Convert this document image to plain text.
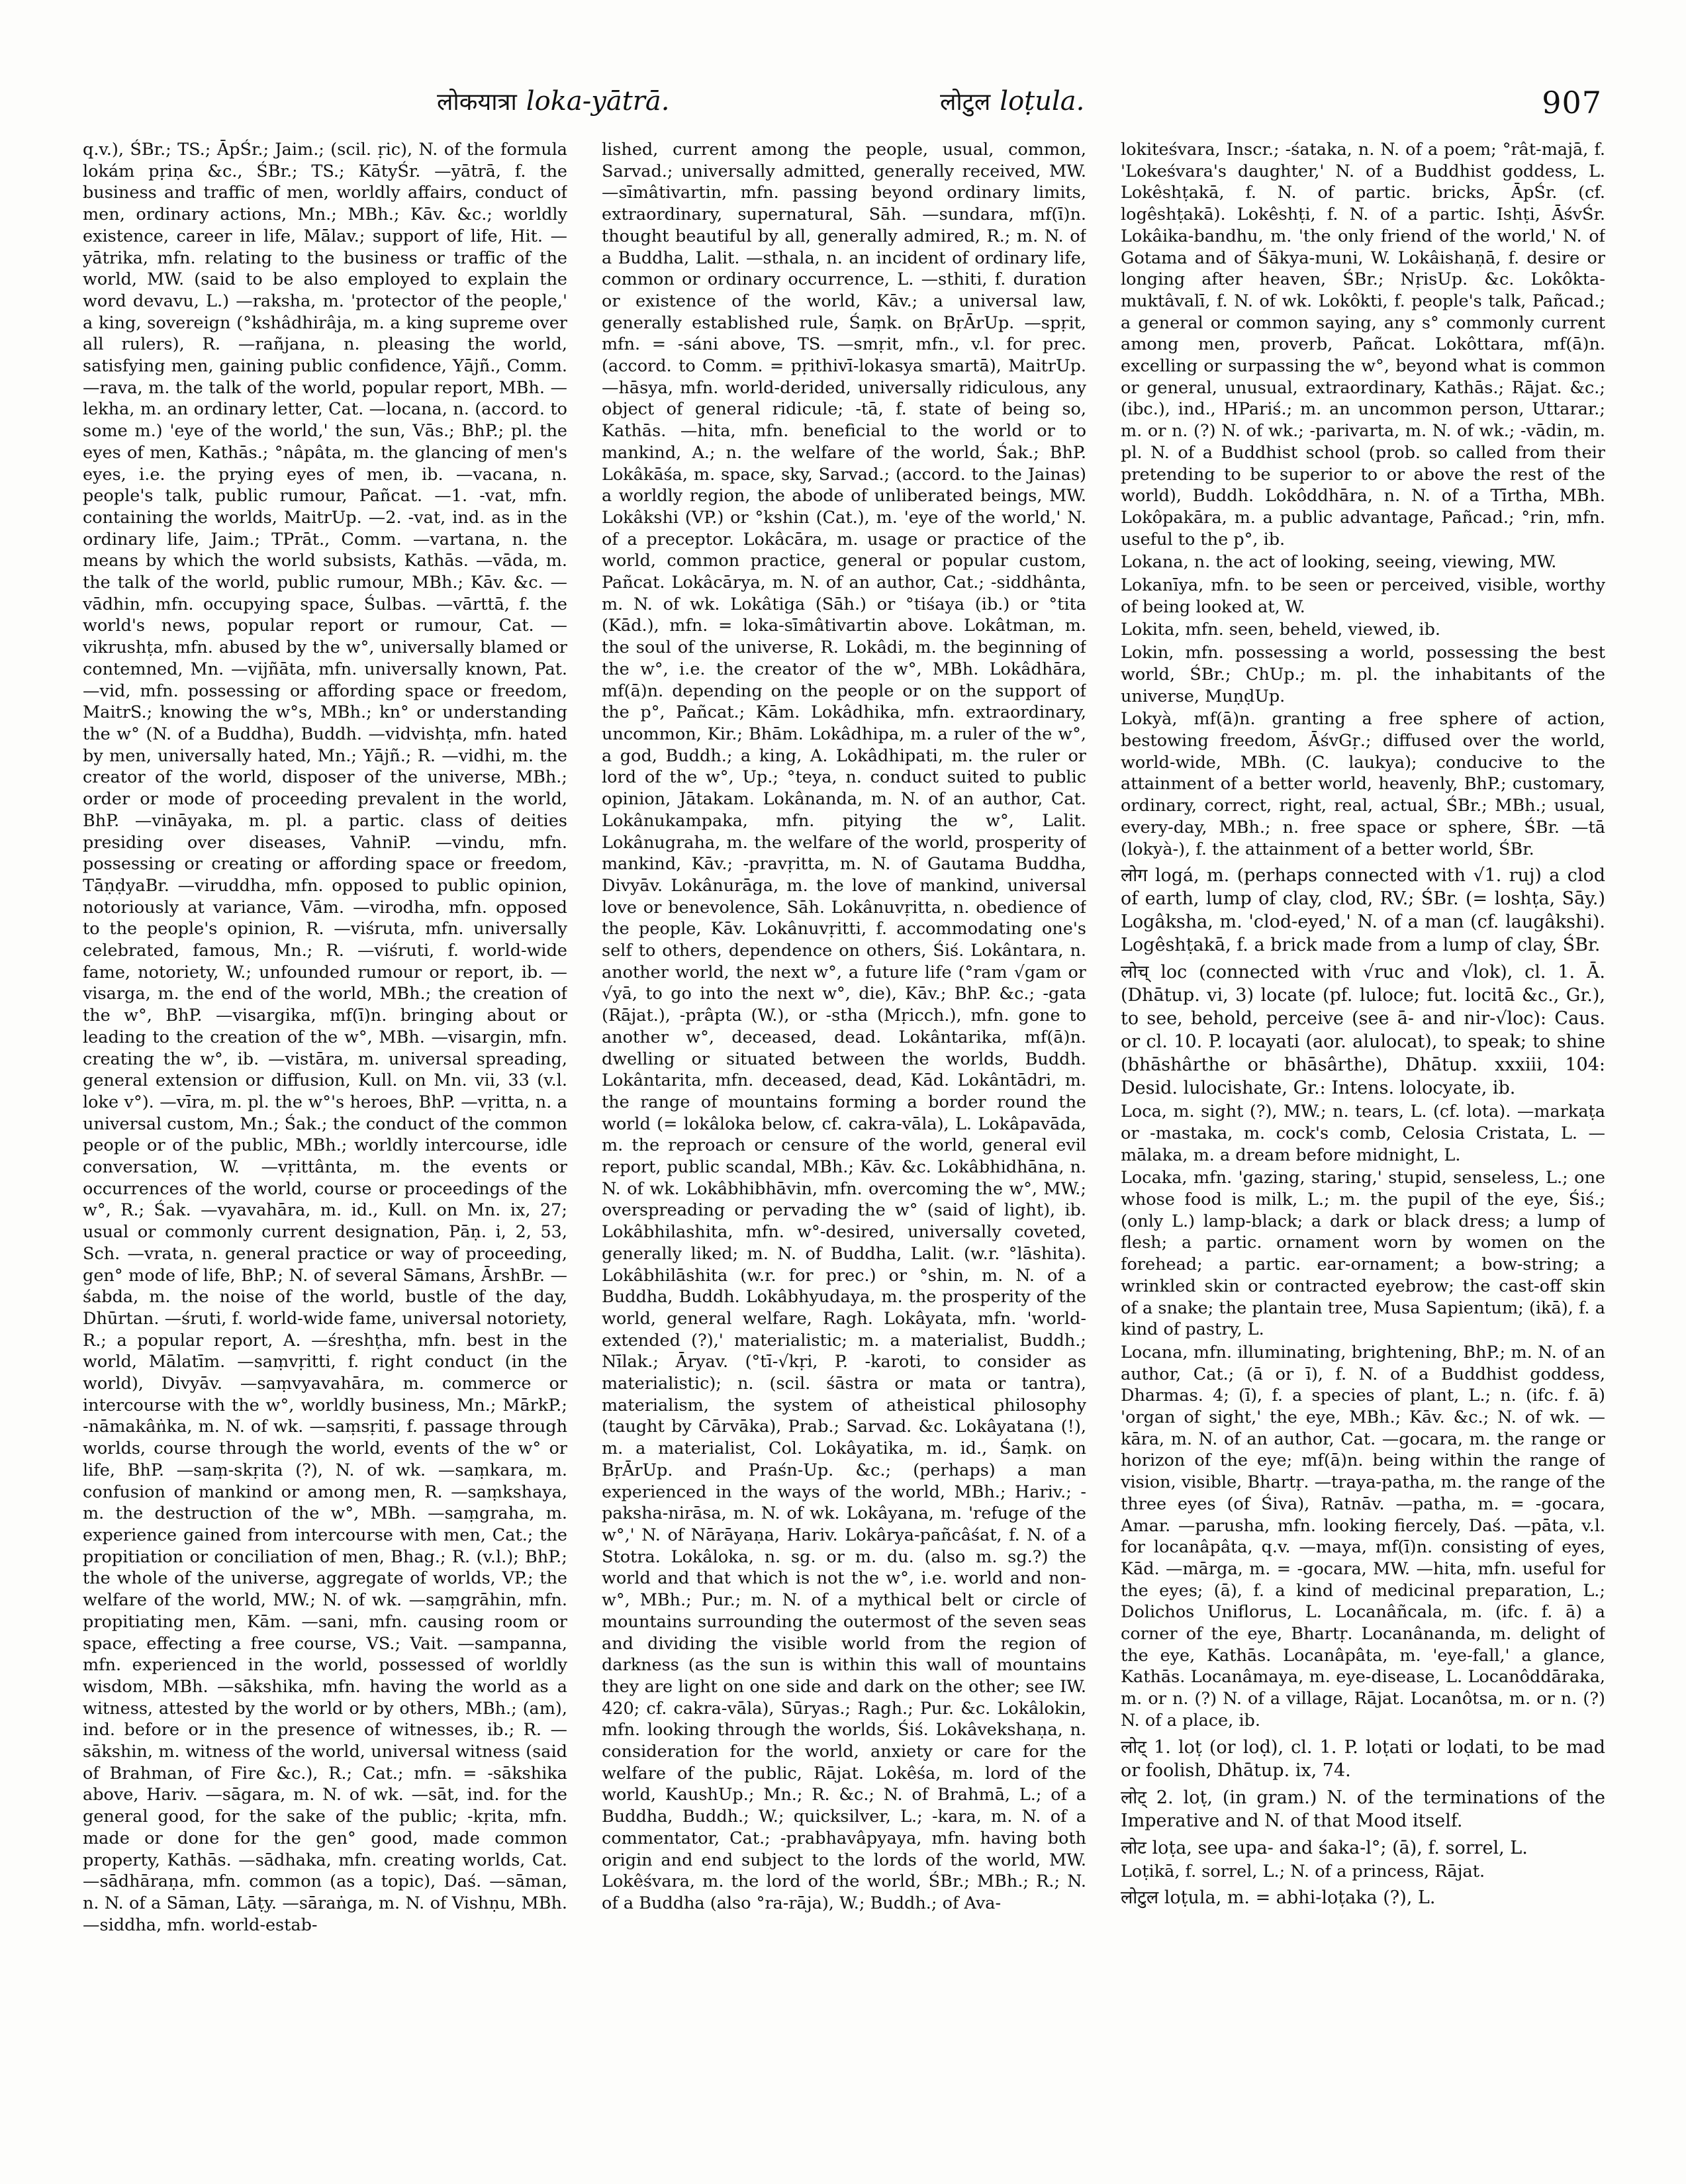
लोकयात्रा loka-yātrā.	लोटुल loṭula.	907

q.v.), ŚBr.; TS.; ĀpŚr.; Jaim.; (scil. ṛic), N. of the formula lokám pṛiṇa &c., ŚBr.; TS.; KātyŚr. —yātrā, f. the business and traffic of men, worldly affairs, conduct of men, ordinary actions, Mn.; MBh.; Kāv. &c.; worldly existence, career in life, Mālav.; support of life, Hit. —yātrika, mfn. relating to the business or traffic of the world, MW. (said to be also employed to explain the word devavu, L.) —raksha, m. 'protector of the people,' a king, sovereign (°kshâdhirâja, m. a king supreme over all rulers), R. —rañjana, n. pleasing the world, satisfying men, gaining public confidence, Yājñ., Comm. —rava, m. the talk of the world, popular report, MBh. —lekha, m. an ordinary letter, Cat. —locana, n. (accord. to some m.) 'eye of the world,' the sun, Vās.; BhP.; pl. the eyes of men, Kathās.; °nâpâta, m. the glancing of men's eyes, i.e. the prying eyes of men, ib. —vacana, n. people's talk, public rumour, Pañcat. —1. -vat, mfn. containing the worlds, MaitrUp. —2. -vat, ind. as in the ordinary life, Jaim.; TPrāt., Comm. —vartana, n. the means by which the world subsists, Kathās. —vāda, m. the talk of the world, public rumour, MBh.; Kāv. &c. —vādhin, mfn. occupying space, Śulbas. —vārttā, f. the world's news, popular report or rumour, Cat. —vikrushṭa, mfn. abused by the w°, universally blamed or contemned, Mn. —vijñāta, mfn. universally known, Pat. —vid, mfn. possessing or affording space or freedom, MaitrS.; knowing the w°s, MBh.; kn° or understanding the w° (N. of a Buddha), Buddh. —vidvishṭa, mfn. hated by men, universally hated, Mn.; Yājñ.; R. —vidhi, m. the creator of the world, disposer of the universe, MBh.; order or mode of proceeding prevalent in the world, BhP. —vināyaka, m. pl. a partic. class of deities presiding over diseases, VahniP. —vindu, mfn. possessing or creating or affording space or freedom, TāṇḍyaBr. —viruddha, mfn. opposed to public opinion, notoriously at variance, Vām. —virodha, mfn. opposed to the people's opinion, R. —viśruta, mfn. universally celebrated, famous, Mn.; R. —viśruti, f. world-wide fame, notoriety, W.; unfounded rumour or report, ib. —visarga, m. the end of the world, MBh.; the creation of the w°, BhP. —visargika, mf(ī)n. bringing about or leading to the creation of the w°, MBh. —visargin, mfn. creating the w°, ib. —vistāra, m. universal spreading, general extension or diffusion, Kull. on Mn. vii, 33 (v.l. loke v°). —vīra, m. pl. the w°'s heroes, BhP. —vṛitta, n. a universal custom, Mn.; Śak.; the conduct of the common people or of the public, MBh.; worldly intercourse, idle conversation, W. —vṛittânta, m. the events or occurrences of the world, course or proceedings of the w°, R.; Śak. —vyavahāra, m. id., Kull. on Mn. ix, 27; usual or commonly current designation, Pāṇ. i, 2, 53, Sch. —vrata, n. general practice or way of proceeding, gen° mode of life, BhP.; N. of several Sāmans, ĀrshBr. —śabda, m. the noise of the world, bustle of the day, Dhūrtan. —śruti, f. world-wide fame, universal notoriety, R.; a popular report, A. —śreshṭha, mfn. best in the world, Mālatīm. —saṃvṛitti, f. right conduct (in the world), Divyāv. —saṃvyavahāra, m. commerce or intercourse with the w°, worldly business, Mn.; MārkP.; -nāmakâṅka, m. N. of wk. —saṃsṛiti, f. passage through worlds, course through the world, events of the w° or life, BhP. —saṃ-skṛita (?), N. of wk. —saṃkara, m. confusion of mankind or among men, R. —saṃkshaya, m. the destruction of the w°, MBh. —saṃgraha, m. experience gained from intercourse with men, Cat.; the propitiation or conciliation of men, Bhag.; R. (v.l.); BhP.; the whole of the universe, aggregate of worlds, VP.; the welfare of the world, MW.; N. of wk. —saṃgrāhin, mfn. propitiating men, Kām. —sani, mfn. causing room or space, effecting a free course, VS.; Vait. —sampanna, mfn. experienced in the world, possessed of worldly wisdom, MBh. —sākshika, mfn. having the world as a witness, attested by the world or by others, MBh.; (am), ind. before or in the presence of witnesses, ib.; R. —sākshin, m. witness of the world, universal witness (said of Brahman, of Fire &c.), R.; Cat.; mfn. = -sākshika above, Hariv. —sāgara, m. N. of wk. —sāt, ind. for the general good, for the sake of the public; -kṛita, mfn. made or done for the gen° good, made common property, Kathās. —sādhaka, mfn. creating worlds, Cat. —sādhāraṇa, mfn. common (as a topic), Daś. —sāman, n. N. of a Sāman, Lāṭy. —sāraṅga, m. N. of Vishṇu, MBh. —siddha, mfn. world-estab-

lished, current among the people, usual, common, Sarvad.; universally admitted, generally received, MW. —sīmâtivartin, mfn. passing beyond ordinary limits, extraordinary, supernatural, Sāh. —sundara, mf(ī)n. thought beautiful by all, generally admired, R.; m. N. of a Buddha, Lalit. —sthala, n. an incident of ordinary life, common or ordinary occurrence, L. —sthiti, f. duration or existence of the world, Kāv.; a universal law, generally established rule, Śaṃk. on BṛĀrUp. —spṛit, mfn. = -sáni above, TS. —smṛit, mfn., v.l. for prec. (accord. to Comm. = pṛithivī-lokasya smartā), MaitrUp. —hāsya, mfn. world-derided, universally ridiculous, any object of general ridicule; -tā, f. state of being so, Kathās. —hita, mfn. beneficial to the world or to mankind, A.; n. the welfare of the world, Śak.; BhP. Lokâkāśa, m. space, sky, Sarvad.; (accord. to the Jainas) a worldly region, the abode of unliberated beings, MW. Lokâkshi (VP.) or °kshin (Cat.), m. 'eye of the world,' N. of a preceptor. Lokâcāra, m. usage or practice of the world, common practice, general or popular custom, Pañcat. Lokâcārya, m. N. of an author, Cat.; -siddhânta, m. N. of wk. Lokâtiga (Sāh.) or °tiśaya (ib.) or °tita (Kād.), mfn. = loka-sīmâtivartin above. Lokâtman, m. the soul of the universe, R. Lokâdi, m. the beginning of the w°, i.e. the creator of the w°, MBh. Lokâdhāra, mf(ā)n. depending on the people or on the support of the p°, Pañcat.; Kām. Lokâdhika, mfn. extraordinary, uncommon, Kir.; Bhām. Lokâdhipa, m. a ruler of the w°, a god, Buddh.; a king, A. Lokâdhipati, m. the ruler or lord of the w°, Up.; °teya, n. conduct suited to public opinion, Jātakam. Lokânanda, m. N. of an author, Cat. Lokânukampaka, mfn. pitying the w°, Lalit. Lokânugraha, m. the welfare of the world, prosperity of mankind, Kāv.; -pravṛitta, m. N. of Gautama Buddha, Divyāv. Lokânurāga, m. the love of mankind, universal love or benevolence, Sāh. Lokânuvṛitta, n. obedience of the people, Kāv. Lokânuvṛitti, f. accommodating one's self to others, dependence on others, Śiś. Lokântara, n. another world, the next w°, a future life (°ram √gam or √yā, to go into the next w°, die), Kāv.; BhP. &c.; -gata (Rājat.), -prâpta (W.), or -stha (Mṛicch.), mfn. gone to another w°, deceased, dead. Lokântarika, mf(ā)n. dwelling or situated between the worlds, Buddh. Lokântarita, mfn. deceased, dead, Kād. Lokântādri, m. the range of mountains forming a border round the world (= lokâloka below, cf. cakra-vāla), L. Lokâpavāda, m. the reproach or censure of the world, general evil report, public scandal, MBh.; Kāv. &c. Lokâbhidhāna, n. N. of wk. Lokâbhibhāvin, mfn. overcoming the w°, MW.; overspreading or pervading the w° (said of light), ib. Lokâbhilashita, mfn. w°-desired, universally coveted, generally liked; m. N. of Buddha, Lalit. (w.r. °lāshita). Lokâbhilāshita (w.r. for prec.) or °shin, m. N. of a Buddha, Buddh. Lokâbhyudaya, m. the prosperity of the world, general welfare, Ragh. Lokâyata, mfn. 'world-extended (?),' materialistic; m. a materialist, Buddh.; Nīlak.; Āryav. (°tī-√kṛi, P. -karoti, to consider as materialistic); n. (scil. śāstra or mata or tantra), materialism, the system of atheistical philosophy (taught by Cārvāka), Prab.; Sarvad. &c. Lokâyatana (!), m. a materialist, Col. Lokâyatika, m. id., Śaṃk. on BṛĀrUp. and Praśn-Up. &c.; (perhaps) a man experienced in the ways of the world, MBh.; Hariv.; -paksha-nirāsa, m. N. of wk. Lokâyana, m. 'refuge of the w°,' N. of Nārāyaṇa, Hariv. Lokârya-pañcâśat, f. N. of a Stotra. Lokâloka, n. sg. or m. du. (also m. sg.?) the world and that which is not the w°, i.e. world and non-w°, MBh.; Pur.; m. N. of a mythical belt or circle of mountains surrounding the outermost of the seven seas and dividing the visible world from the region of darkness (as the sun is within this wall of mountains they are light on one side and dark on the other; see IW. 420; cf. cakra-vāla), Sūryas.; Ragh.; Pur. &c. Lokâlokin, mfn. looking through the worlds, Śiś. Lokâvekshaṇa, n. consideration for the world, anxiety or care for the welfare of the public, Rājat. Lokêśa, m. lord of the world, KaushUp.; Mn.; R. &c.; N. of Brahmā, L.; of a Buddha, Buddh.; W.; quicksilver, L.; -kara, m. N. of a commentator, Cat.; -prabhavâpyaya, mfn. having both origin and end subject to the lords of the world, MW. Lokêśvara, m. the lord of the world, ŚBr.; MBh.; R.; N. of a Buddha (also °ra-rāja), W.; Buddh.; of Ava-

lokiteśvara, Inscr.; -śataka, n. N. of a poem; °rât-majā, f. 'Lokeśvara's daughter,' N. of a Buddhist goddess, L. Lokêshṭakā, f. N. of partic. bricks, ĀpŚr. (cf. logêshṭakā). Lokêshṭi, f. N. of a partic. Ishṭi, ĀśvŚr. Lokâika-bandhu, m. 'the only friend of the world,' N. of Gotama and of Śākya-muni, W. Lokâishaṇā, f. desire or longing after heaven, ŚBr.; NṛisUp. &c. Lokôkta-muktâvalī, f. N. of wk. Lokôkti, f. people's talk, Pañcad.; a general or common saying, any s° commonly current among men, proverb, Pañcat. Lokôttara, mf(ā)n. excelling or surpassing the w°, beyond what is common or general, unusual, extraordinary, Kathās.; Rājat. &c.; (ibc.), ind., HPariś.; m. an uncommon person, Uttarar.; m. or n. (?) N. of wk.; -parivarta, m. N. of wk.; -vādin, m. pl. N. of a Buddhist school (prob. so called from their pretending to be superior to or above the rest of the world), Buddh. Lokôddhāra, n. N. of a Tīrtha, MBh. Lokôpakāra, m. a public advantage, Pañcad.; °rin, mfn. useful to the p°, ib.

Lokana, n. the act of looking, seeing, viewing, MW.

Lokanīya, mfn. to be seen or perceived, visible, worthy of being looked at, W.

Lokita, mfn. seen, beheld, viewed, ib.

Lokin, mfn. possessing a world, possessing the best world, ŚBr.; ChUp.; m. pl. the inhabitants of the universe, MuṇḍUp.

Lokyà, mf(ā)n. granting a free sphere of action, bestowing freedom, ĀśvGṛ.; diffused over the world, world-wide, MBh. (C. laukya); conducive to the attainment of a better world, heavenly, BhP.; customary, ordinary, correct, right, real, actual, ŚBr.; MBh.; usual, every-day, MBh.; n. free space or sphere, ŚBr. —tā (lokyà-), f. the attainment of a better world, ŚBr.

लोग logá, m. (perhaps connected with √1. ruj) a clod of earth, lump of clay, clod, RV.; ŚBr. (= loshṭa, Sāy.) Logâksha, m. 'clod-eyed,' N. of a man (cf. laugâkshi). Logêshṭakā, f. a brick made from a lump of clay, ŚBr.

लोच् loc (connected with √ruc and √lok), cl. 1. Ā. (Dhātup. vi, 3) locate (pf. luloce; fut. locitā &c., Gr.), to see, behold, perceive (see ā- and nir-√loc): Caus. or cl. 10. P. locayati (aor. alulocat), to speak; to shine (bhāshârthe or bhāsârthe), Dhātup. xxxiii, 104: Desid. lulocishate, Gr.: Intens. lolocyate, ib.

Loca, m. sight (?), MW.; n. tears, L. (cf. lota). —markaṭa or -mastaka, m. cock's comb, Celosia Cristata, L. —mālaka, m. a dream before midnight, L.

Locaka, mfn. 'gazing, staring,' stupid, senseless, L.; one whose food is milk, L.; m. the pupil of the eye, Śiś.; (only L.) lamp-black; a dark or black dress; a lump of flesh; a partic. ornament worn by women on the forehead; a partic. ear-ornament; a bow-string; a wrinkled skin or contracted eyebrow; the cast-off skin of a snake; the plantain tree, Musa Sapientum; (ikā), f. a kind of pastry, L.

Locana, mfn. illuminating, brightening, BhP.; m. N. of an author, Cat.; (ā or ī), f. N. of a Buddhist goddess, Dharmas. 4; (ī), f. a species of plant, L.; n. (ifc. f. ā) 'organ of sight,' the eye, MBh.; Kāv. &c.; N. of wk. —kāra, m. N. of an author, Cat. —gocara, m. the range or horizon of the eye; mf(ā)n. being within the range of vision, visible, Bhartṛ. —traya-patha, m. the range of the three eyes (of Śiva), Ratnāv. —patha, m. = -gocara, Amar. —parusha, mfn. looking fiercely, Daś. —pāta, v.l. for locanâpâta, q.v. —maya, mf(ī)n. consisting of eyes, Kād. —mārga, m. = -gocara, MW. —hita, mfn. useful for the eyes; (ā), f. a kind of medicinal preparation, L.; Dolichos Uniflorus, L. Locanâñcala, m. (ifc. f. ā) a corner of the eye, Bhartṛ. Locanânanda, m. delight of the eye, Kathās. Locanâpâta, m. 'eye-fall,' a glance, Kathās. Locanâmaya, m. eye-disease, L. Locanôddāraka, m. or n. (?) N. of a village, Rājat. Locanôtsa, m. or n. (?) N. of a place, ib.

लोट् 1. loṭ (or loḍ), cl. 1. P. loṭati or loḍati, to be mad or foolish, Dhātup. ix, 74.

लोट् 2. loṭ, (in gram.) N. of the terminations of the Imperative and N. of that Mood itself.

लोट loṭa, see upa- and śaka-l°; (ā), f. sorrel, L.

Loṭikā, f. sorrel, L.; N. of a princess, Rājat.

लोटुल loṭula, m. = abhi-loṭaka (?), L.
